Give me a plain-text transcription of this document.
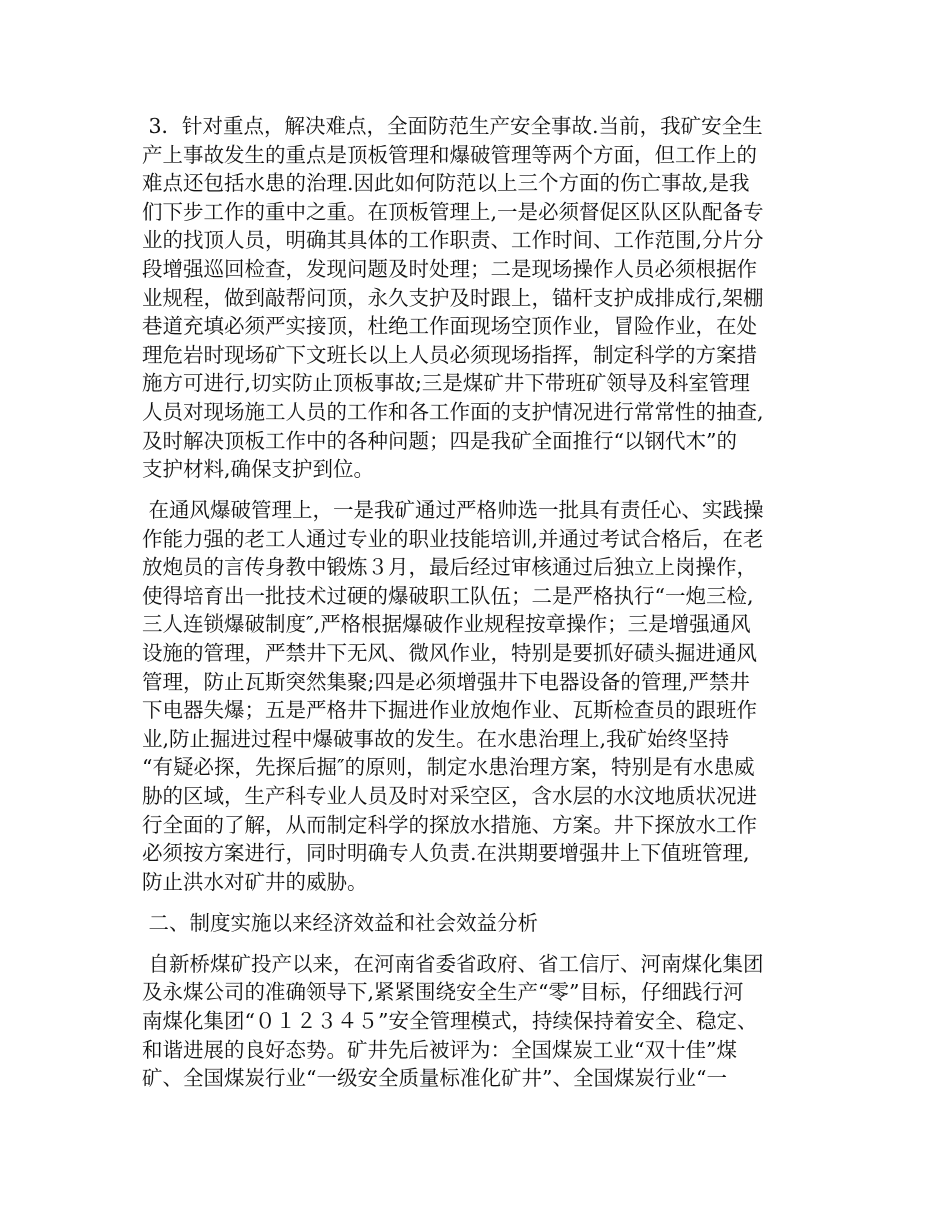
3．针对重点，解决难点，全面防范生产安全事故.当前，我矿安全生
产上事故发生的重点是顶板管理和爆破管理等两个方面，但工作上的
难点还包括水患的治理.因此如何防范以上三个方面的伤亡事故,是我
们下步工作的重中之重。在顶板管理上,一是必须督促区队区队配备专
业的找顶人员，明确其具体的工作职责、工作时间、工作范围,分片分
段增强巡回检查，发现问题及时处理；二是现场操作人员必须根据作
业规程，做到敲帮问顶，永久支护及时跟上，锚杆支护成排成行,架棚
巷道充填必须严实接顶，杜绝工作面现场空顶作业，冒险作业，在处
理危岩时现场矿下文班长以上人员必须现场指挥，制定科学的方案措
施方可进行,切实防止顶板事故;三是煤矿井下带班矿领导及科室管理
人员对现场施工人员的工作和各工作面的支护情况进行常常性的抽查,
及时解决顶板工作中的各种问题；四是我矿全面推行“以钢代木”的
支护材料,确保支护到位。
在通风爆破管理上，一是我矿通过严格帅选一批具有责任心、实践操
作能力强的老工人通过专业的职业技能培训,并通过考试合格后，在老
放炮员的言传身教中锻炼３月，最后经过审核通过后独立上岗操作，
使得培育出一批技术过硬的爆破职工队伍；二是严格执行“一炮三检,
三人连锁爆破制度″,严格根据爆破作业规程按章操作；三是增强通风
设施的管理，严禁井下无风、微风作业，特别是要抓好碛头掘进通风
管理，防止瓦斯突然集聚;四是必须增强井下电器设备的管理,严禁井
下电器失爆；五是严格井下掘进作业放炮作业、瓦斯检查员的跟班作
业,防止掘进过程中爆破事故的发生。在水患治理上,我矿始终坚持
“有疑必探，先探后掘″的原则，制定水患治理方案，特别是有水患威
胁的区域，生产科专业人员及时对采空区，含水层的水汶地质状况进
行全面的了解，从而制定科学的探放水措施、方案。井下探放水工作
必须按方案进行，同时明确专人负责.在洪期要增强井上下值班管理,
防止洪水对矿井的威胁。
二、制度实施以来经济效益和社会效益分析
自新桥煤矿投产以来，在河南省委省政府、省工信厅、河南煤化集团
及永煤公司的准确领导下,紧紧围绕安全生产“零”目标，仔细践行河
南煤化集团“０１２３４５”安全管理模式，持续保持着安全、稳定、
和谐进展的良好态势。矿井先后被评为：全国煤炭工业“双十佳”煤
矿、全国煤炭行业“一级安全质量标准化矿井”、全国煤炭行业“一
